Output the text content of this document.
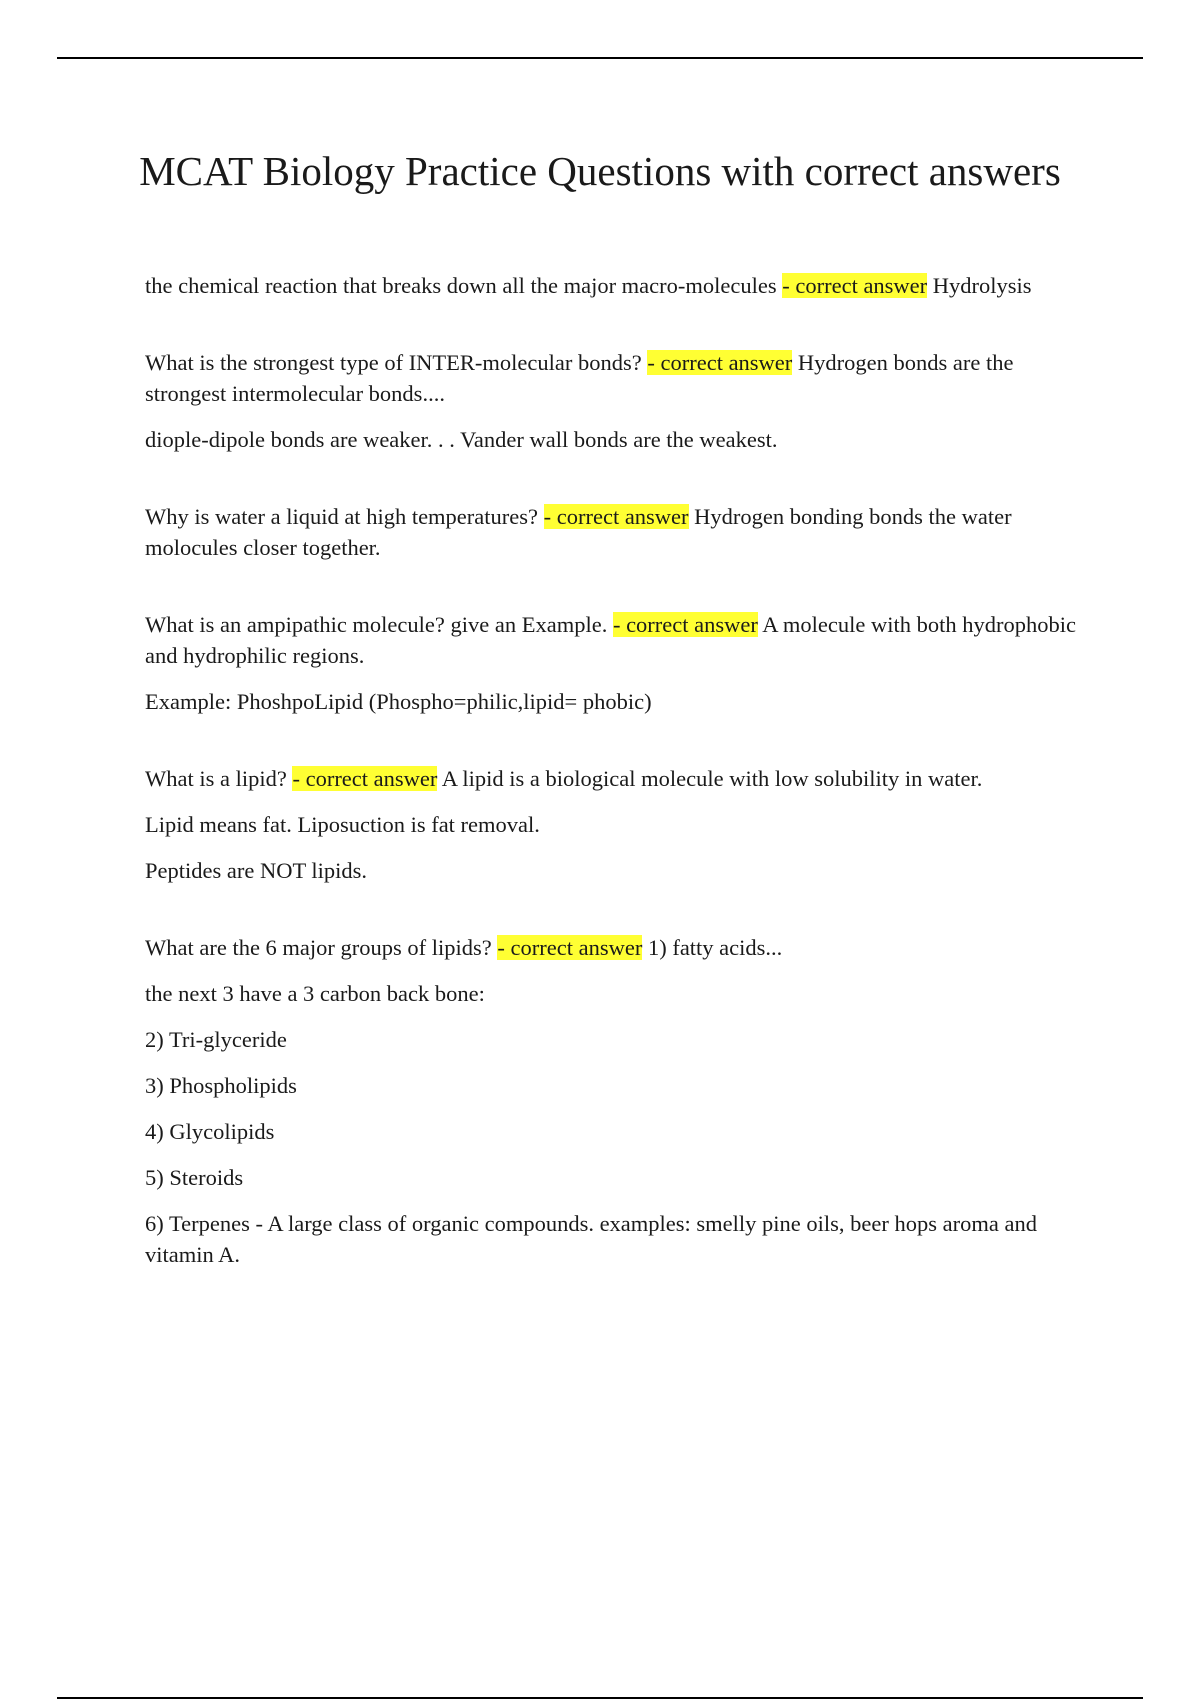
MCAT Biology Practice Questions with correct answers

the chemical reaction that breaks down all the major macro-molecules - correct answer Hydrolysis

What is the strongest type of INTER-molecular bonds? - correct answer Hydrogen bonds are the strongest intermolecular bonds....

diople-dipole bonds are weaker. . . Vander wall bonds are the weakest.

Why is water a liquid at high temperatures? - correct answer Hydrogen bonding bonds the water molocules closer together.

What is an ampipathic molecule? give an Example. - correct answer A molecule with both hydrophobic and hydrophilic regions.

Example: PhoshpoLipid (Phospho=philic,lipid= phobic)

What is a lipid? - correct answer A lipid is a biological molecule with low solubility in water.

Lipid means fat. Liposuction is fat removal.

Peptides are NOT lipids.

What are the 6 major groups of lipids? - correct answer 1) fatty acids...

the next 3 have a 3 carbon back bone:

2) Tri-glyceride

3) Phospholipids

4) Glycolipids

5) Steroids

6) Terpenes - A large class of organic compounds. examples: smelly pine oils, beer hops aroma and vitamin A.
